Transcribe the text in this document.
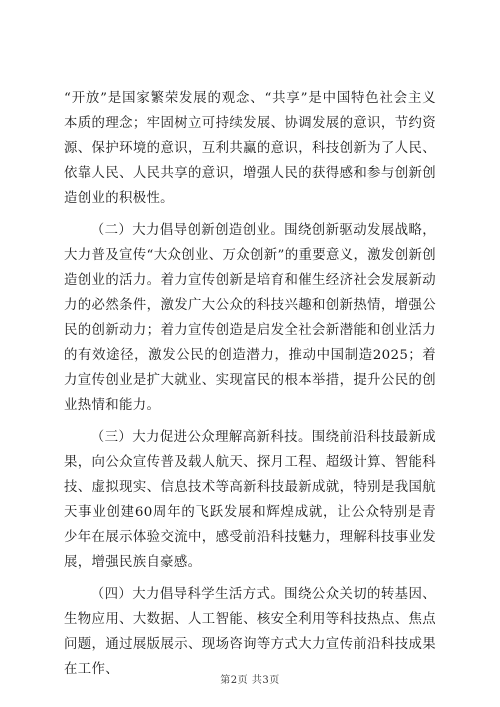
“开放”是国家繁荣发展的观念、“共享”是中国特色社会主义本质的理念；牢固树立可持续发展、协调发展的意识，节约资源、保护环境的意识，互利共赢的意识，科技创新为了人民、依靠人民、人民共享的意识，增强人民的获得感和参与创新创造创业的积极性。

（二）大力倡导创新创造创业。围绕创新驱动发展战略，大力普及宣传“大众创业、万众创新”的重要意义，激发创新创造创业的活力。着力宣传创新是培育和催生经济社会发展新动力的必然条件，激发广大公众的科技兴趣和创新热情，增强公民的创新动力；着力宣传创造是启发全社会新潜能和创业活力的有效途径，激发公民的创造潜力，推动中国制造2025；着力宣传创业是扩大就业、实现富民的根本举措，提升公民的创业热情和能力。

（三）大力促进公众理解高新科技。围绕前沿科技最新成果，向公众宣传普及载人航天、探月工程、超级计算、智能科技、虚拟现实、信息技术等高新科技最新成就，特别是我国航天事业创建60周年的飞跃发展和辉煌成就，让公众特别是青少年在展示体验交流中，感受前沿科技魅力，理解科技事业发展，增强民族自豪感。

（四）大力倡导科学生活方式。围绕公众关切的转基因、生物应用、大数据、人工智能、核安全利用等科技热点、焦点问题，通过展版展示、现场咨询等方式大力宣传前沿科技成果在工作、

第2页 共3页
